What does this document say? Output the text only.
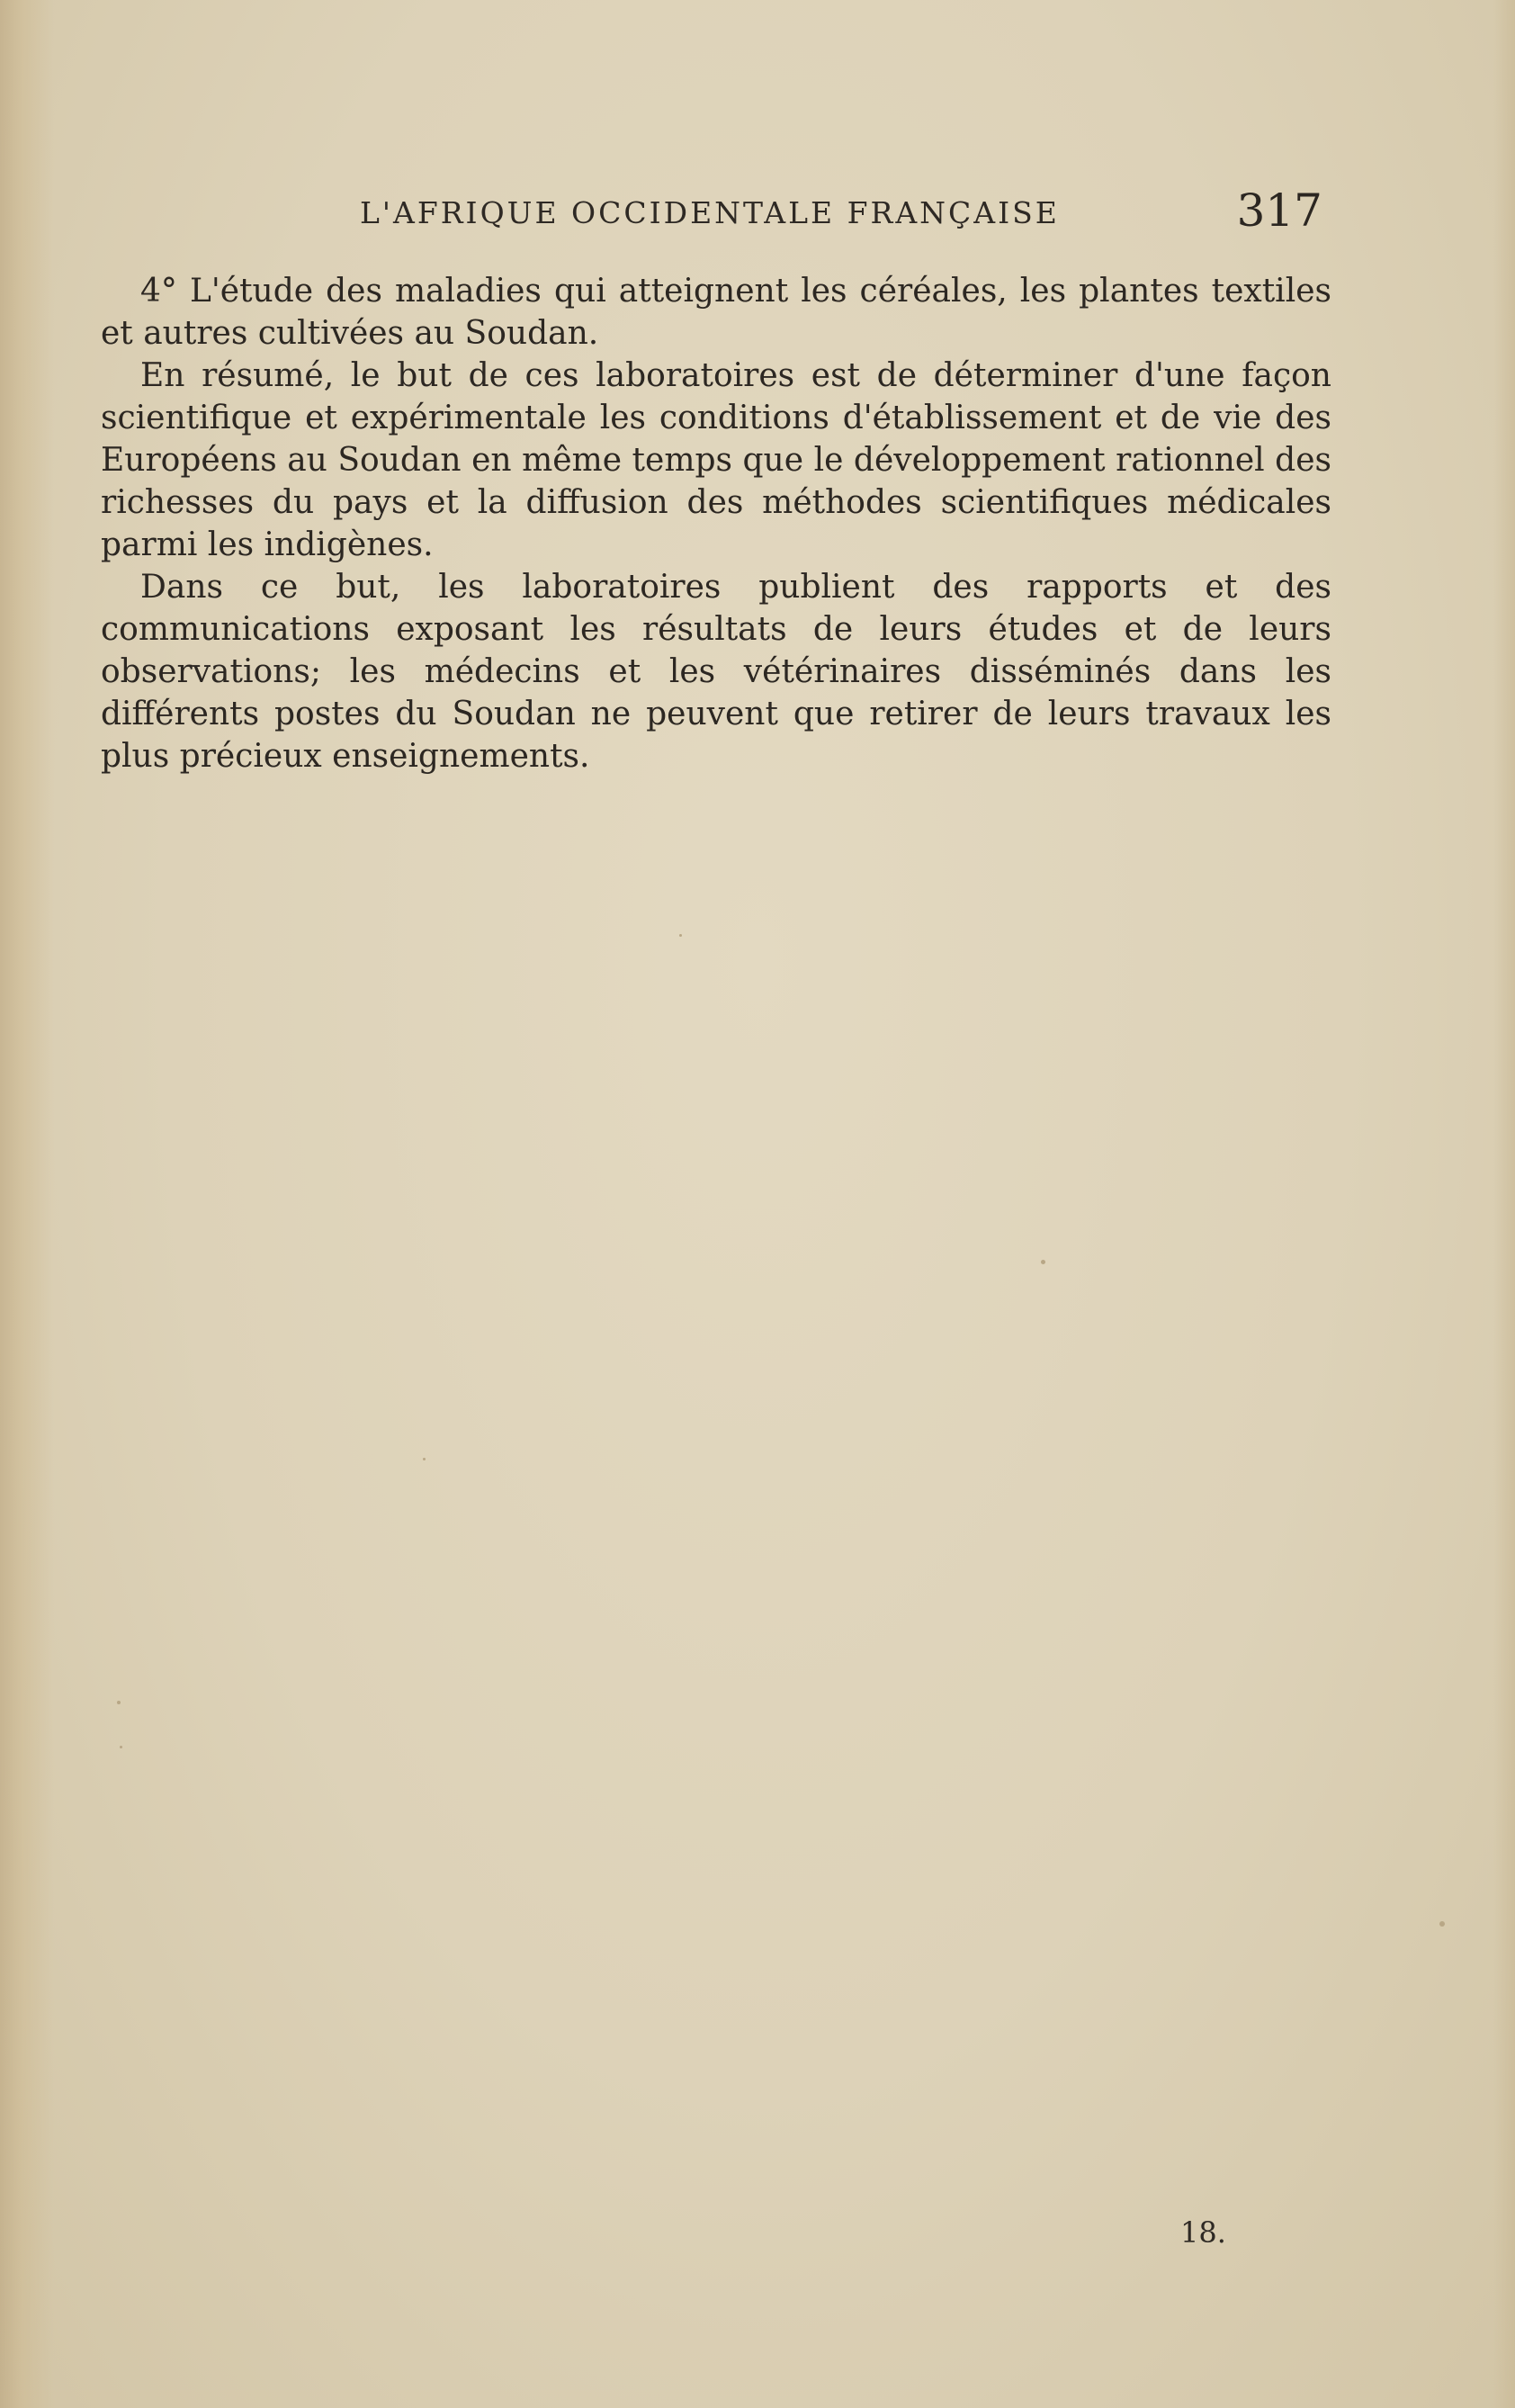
L'AFRIQUE OCCIDENTALE FRANÇAISE	317

4° L'étude des maladies qui atteignent les céréales, les plantes textiles et autres cultivées au Soudan.

En résumé, le but de ces laboratoires est de déterminer d'une façon scientifique et expérimentale les conditions d'établissement et de vie des Européens au Soudan en même temps que le développement rationnel des richesses du pays et la diffusion des méthodes scientifiques médicales parmi les indigènes.

Dans ce but, les laboratoires publient des rapports et des communications exposant les résultats de leurs études et de leurs observations; les médecins et les vétérinaires disséminés dans les différents postes du Soudan ne peuvent que retirer de leurs travaux les plus précieux enseignements.

18.
